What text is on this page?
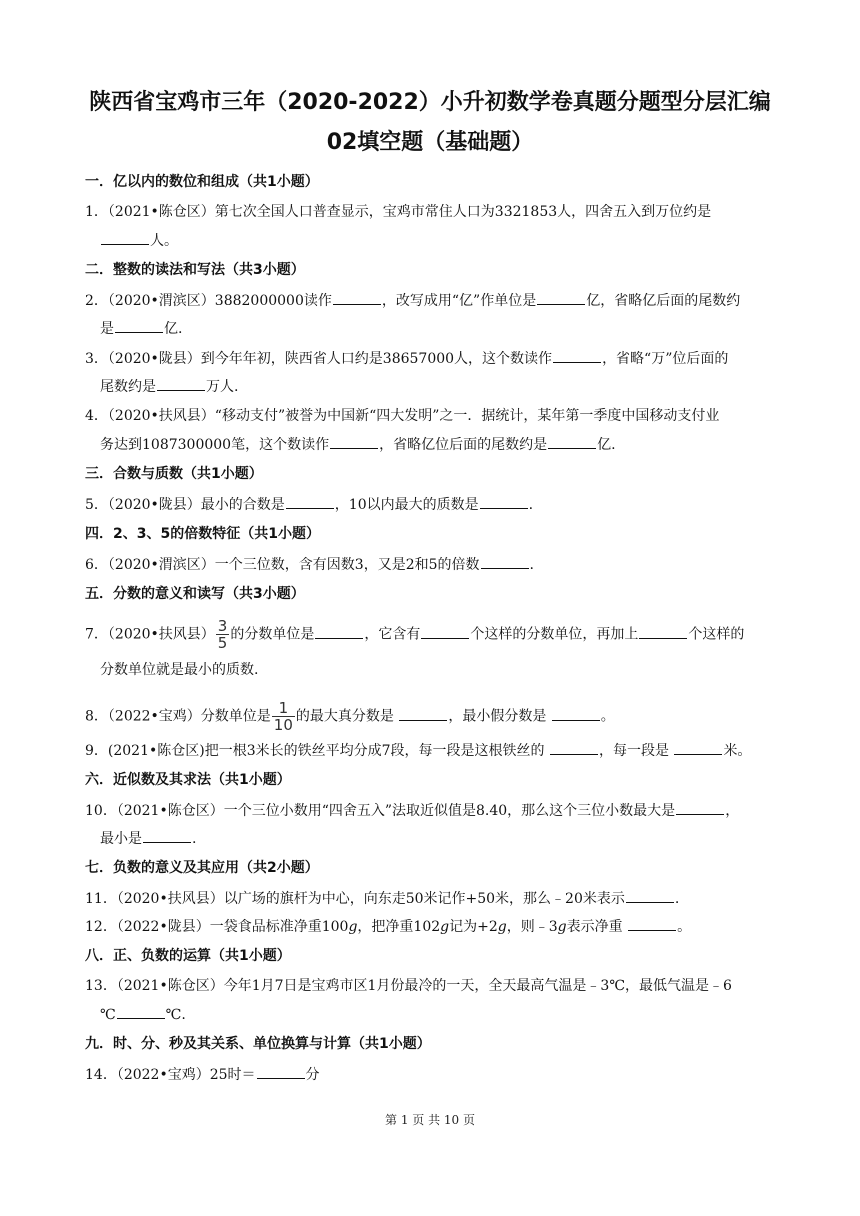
陕西省宝鸡市三年（2020-2022）小升初数学卷真题分题型分层汇编
02填空题（基础题）
一．亿以内的数位和组成（共1小题）
1．（2021•陈仓区）第七次全国人口普查显示，宝鸡市常住人口为3321853人，四舍五入到万位约是
人。
二．整数的读法和写法（共3小题）
2．（2020•渭滨区）3882000000读作	，改写成用“亿”作单位是	亿，省略亿后面的尾数约
是	亿.
3．（2020•陇县）到今年年初，陕西省人口约是38657000人，这个数读作	，省略“万”位后面的
尾数约是	万人.
4．（2020•扶风县）“移动支付”被誉为中国新“四大发明”之一．据统计，某年第一季度中国移动支付业
务达到1087300000笔，这个数读作	，省略亿位后面的尾数约是	亿.
三．合数与质数（共1小题）
5．（2020•陇县）最小的合数是	，10以内最大的质数是	.
四．2、3、5的倍数特征（共1小题）
6．（2020•渭滨区）一个三位数，含有因数3，又是2和5的倍数	.
五．分数的意义和读写（共3小题）
7．（2020•扶风县） $\frac{3}{5}$ 的分数单位是	，它含有	个这样的分数单位，再加上	个这样的
分数单位就是最小的质数.
8．（2022•宝鸡）分数单位是 $\frac{1}{10}$ 的最大真分数是	，最小假分数是	。
9．(2021•陈仓区)把一根3米长的铁丝平均分成7段，每一段是这根铁丝的	，每一段是	米。
六．近似数及其求法（共1小题）
10．（2021•陈仓区）一个三位小数用“四舍五入”法取近似值是8.40，那么这个三位小数最大是	，
最小是	.
七．负数的意义及其应用（共2小题）
11．（2020•扶风县）以广场的旗杆为中心，向东走50米记作+50米，那么﹣20米表示	.
12．（2022•陇县）一袋食品标准净重100g，把净重102g记为+2g，则﹣3g表示净重	。
八．正、负数的运算（共1小题）
13．（2021•陈仓区）今年1月7日是宝鸡市区1月份最冷的一天，全天最高气温是﹣3℃，最低气温是﹣6
℃	℃.
九．时、分、秒及其关系、单位换算与计算（共1小题）
14．（2022•宝鸡）25时＝	分
第 1 页 共 10 页
